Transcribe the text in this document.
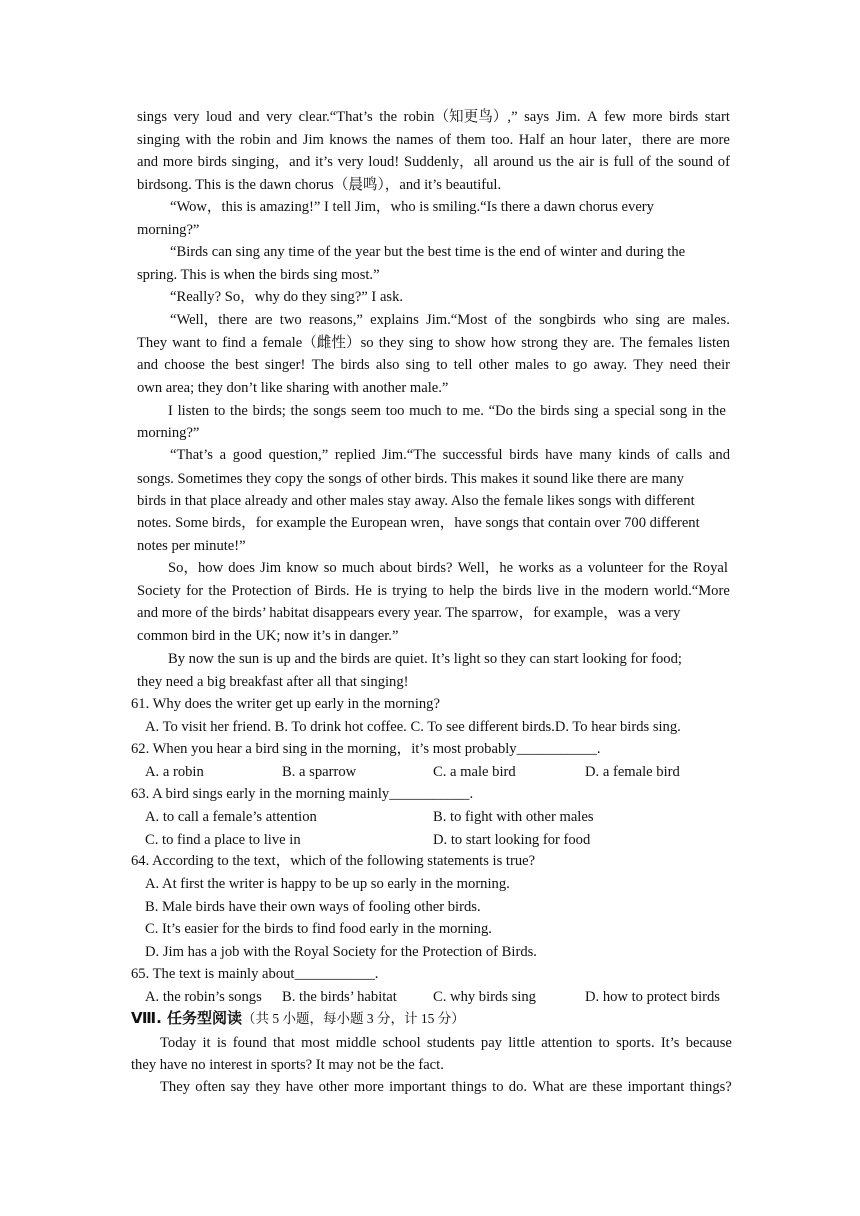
sings very loud and very clear.“That’s the robin（知更鸟）,” says Jim. A few more birds start
singing with the robin and Jim knows the names of them too. Half an hour later，there are more
and more birds singing，and it’s very loud! Suddenly，all around us the air is full of the sound of
birdsong. This is the dawn chorus（晨鸣），and it’s beautiful.
“Wow，this is amazing!” I tell Jim，who is smiling.“Is there a dawn chorus every
morning?”
“Birds can sing any time of the year but the best time is the end of winter and during the
spring. This is when the birds sing most.”
“Really? So，why do they sing?” I ask.
“Well，there are two reasons,” explains Jim.“Most of the songbirds who sing are males.
They want to find a female（雌性）so they sing to show how strong they are. The females listen
and choose the best singer! The birds also sing to tell other males to go away. They need their
own area; they don’t like sharing with another male.”
I listen to the birds; the songs seem too much to me. “Do the birds sing a special song in the
morning?”
“That’s a good question,” replied Jim.“The successful birds have many kinds of calls and
songs. Sometimes they copy the songs of other birds. This makes it sound like there are many
birds in that place already and other males stay away. Also the female likes songs with different
notes. Some birds，for example the European wren，have songs that contain over 700 different
notes per minute!”
So，how does Jim know so much about birds? Well，he works as a volunteer for the Royal
Society for the Protection of Birds. He is trying to help the birds live in the modern world.“More
and more of the birds’ habitat disappears every year. The sparrow，for example，was a very
common bird in the UK; now it’s in danger.”
By now the sun is up and the birds are quiet. It’s light so they can start looking for food;
they need a big breakfast after all that singing!
61. Why does the writer get up early in the morning?
A. To visit her friend. B. To drink hot coffee. C. To see different birds.D. To hear birds sing.
62. When you hear a bird sing in the morning，it’s most probably___________.
A. a robin	B. a sparrow	C. a male bird	D. a female bird
63. A bird sings early in the morning mainly___________.
A. to call a female’s attention	B. to fight with other males
C. to find a place to live in	D. to start looking for food
64. According to the text，which of the following statements is true?
A. At first the writer is happy to be up so early in the morning.
B. Male birds have their own ways of fooling other birds.
C. It’s easier for the birds to find food early in the morning.
D. Jim has a job with the Royal Society for the Protection of Birds.
65. The text is mainly about___________.
A. the robin’s songs B. the birds’ habitat C. why birds sing	D. how to protect birds
Ⅷ. 任务型阅读（共 5 小题，每小题 3 分，计 15 分）
Today it is found that most middle school students pay little attention to sports. It’s because
they have no interest in sports? It may not be the fact.
They often say they have other more important things to do. What are these important things?
